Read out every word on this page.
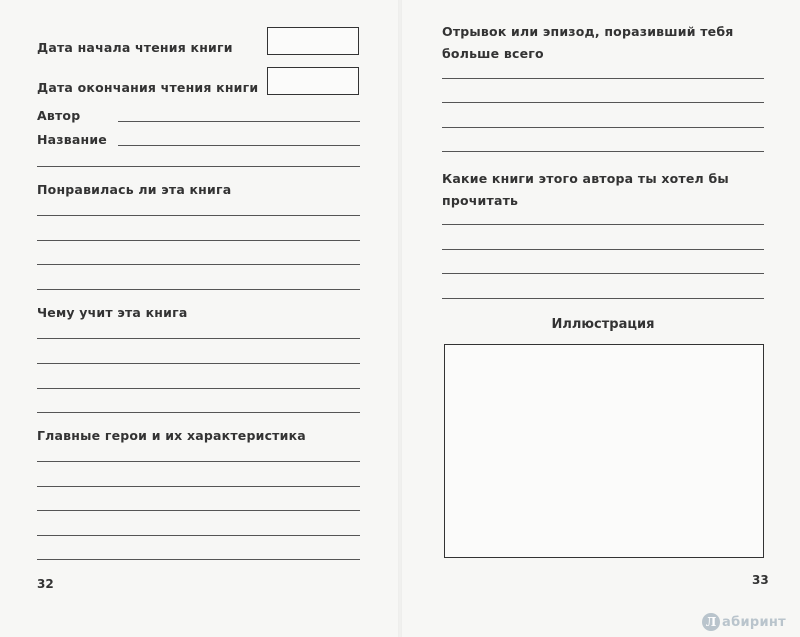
Дата начала чтения книги
Дата окончания чтения книги
Автор
Название
Понравилась ли эта книга
Чему учит эта книга
Главные герои и их характеристика
32
Отрывок или эпизод, поразивший тебя больше всего
Какие книги этого автора ты хотел бы прочитать
Иллюстрация
33
Л абиринт
